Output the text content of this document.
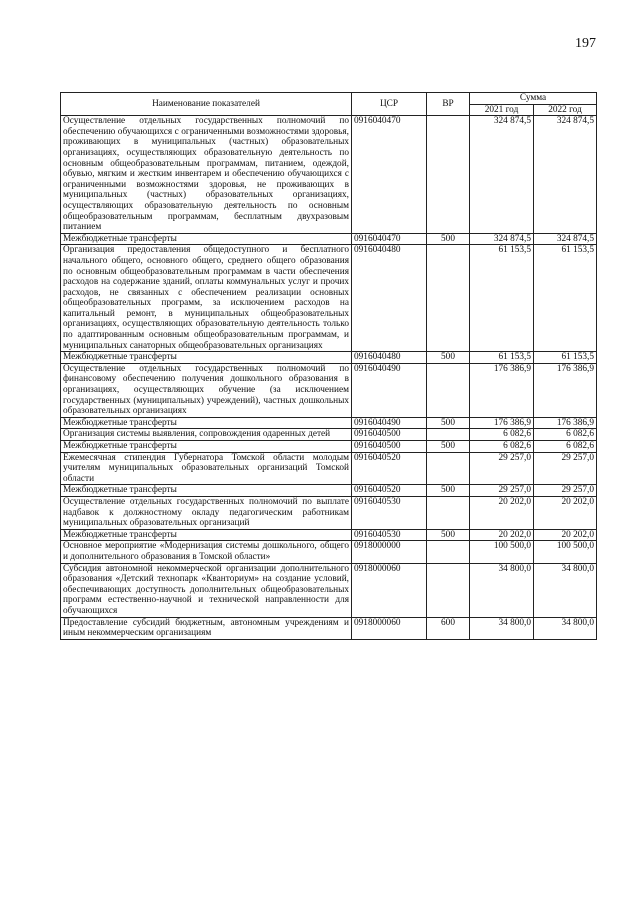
197
Наименование показателей	ЦСР	ВР	Сумма	
			2021 год	2022 год
Осуществление отдельных государственных полномочий по обеспечению обучающихся с ограниченными возможностями здоровья, проживающих в муниципальных (частных) образовательных организациях, осуществляющих образовательную деятельность по основным общеобразовательным программам, питанием, одеждой, обувью, мягким и жестким инвентарем и обеспечению обучающихся с ограниченными возможностями здоровья, не проживающих в муниципальных (частных) образовательных организациях, осуществляющих образовательную деятельность по основным общеобразовательным программам, бесплатным двухразовым питанием	0916040470		324 874,5	324 874,5
Межбюджетные трансферты	0916040470	500	324 874,5	324 874,5
Организация предоставления общедоступного и бесплатного начального общего, основного общего, среднего общего образования по основным общеобразовательным программам в части обеспечения расходов на содержание зданий, оплаты коммунальных услуг и прочих расходов, не связанных с обеспечением реализации основных общеобразовательных программ, за исключением расходов на капитальный ремонт, в муниципальных общеобразовательных организациях, осуществляющих образовательную деятельность только по адаптированным основным общеобразовательным программам, и муниципальных санаторных общеобразовательных организациях	0916040480		61 153,5	61 153,5
Межбюджетные трансферты	0916040480	500	61 153,5	61 153,5
Осуществление отдельных государственных полномочий по финансовому обеспечению получения дошкольного образования в организациях, осуществляющих обучение (за исключением государственных (муниципальных) учреждений), частных дошкольных образовательных организациях	0916040490		176 386,9	176 386,9
Межбюджетные трансферты	0916040490	500	176 386,9	176 386,9
Организация системы выявления, сопровождения одаренных детей	0916040500		6 082,6	6 082,6
Межбюджетные трансферты	0916040500	500	6 082,6	6 082,6
Ежемесячная стипендия Губернатора Томской области молодым учителям муниципальных образовательных организаций Томской области	0916040520		29 257,0	29 257,0
Межбюджетные трансферты	0916040520	500	29 257,0	29 257,0
Осуществление отдельных государственных полномочий по выплате надбавок к должностному окладу педагогическим работникам муниципальных образовательных организаций	0916040530		20 202,0	20 202,0
Межбюджетные трансферты	0916040530	500	20 202,0	20 202,0
Основное мероприятие «Модернизация системы дошкольного, общего и дополнительного образования в Томской области»	0918000000		100 500,0	100 500,0
Субсидия автономной некоммерческой организации дополнительного образования «Детский технопарк «Кванториум» на создание условий, обеспечивающих доступность дополнительных общеобразовательных программ естественно-научной и технической направленности для обучающихся	0918000060		34 800,0	34 800,0
Предоставление субсидий бюджетным, автономным учреждениям и иным некоммерческим организациям	0918000060	600	34 800,0	34 800,0
